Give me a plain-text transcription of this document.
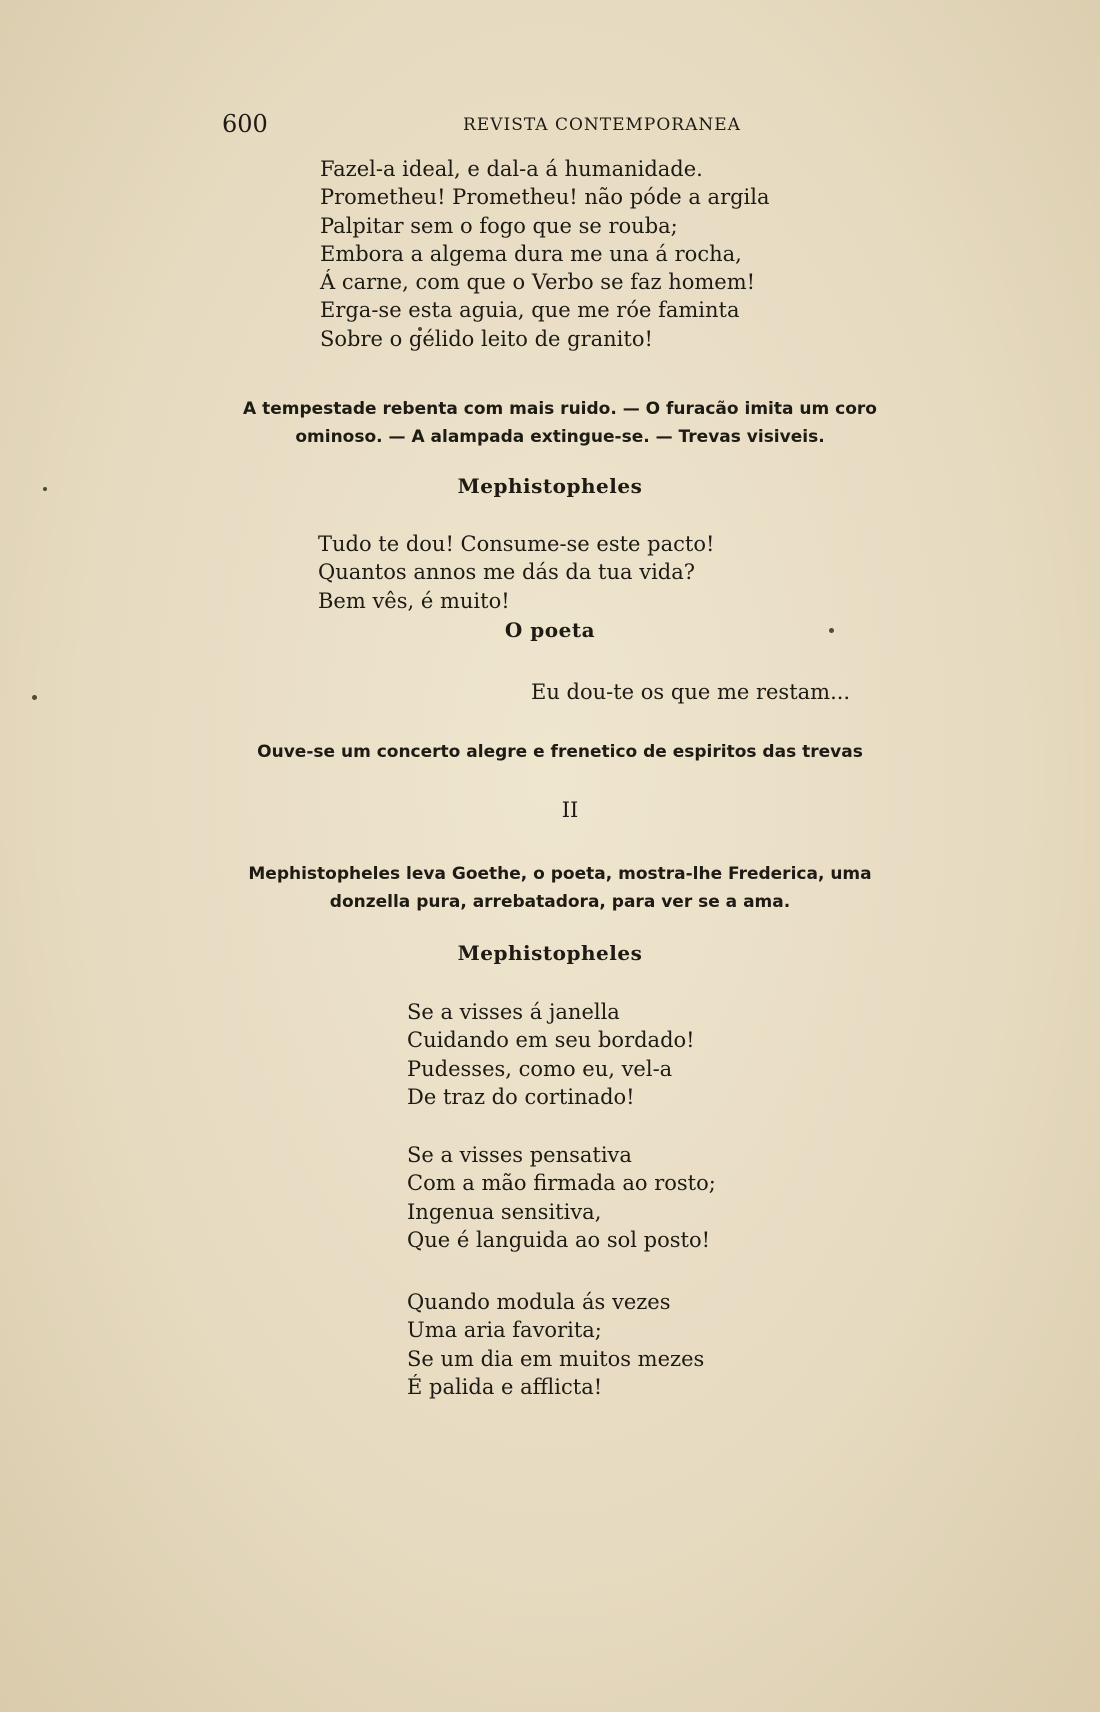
600	REVISTA CONTEMPORANEA
Fazel-a ideal, e dal-a á humanidade.
Prometheu! Prometheu! não póde a argila
Palpitar sem o fogo que se rouba;
Embora a algema dura me una á rocha,
Á carne, com que o Verbo se faz homem!
Erga-se esta aguia, que me róe faminta
Sobre o gélido leito de granito!
A tempestade rebenta com mais ruido. — O furacão imita um coro
ominoso. — A alampada extingue-se. — Trevas visiveis.
Mephistopheles
Tudo te dou! Consume-se este pacto!
Quantos annos me dás da tua vida?
Bem vês, é muito!
O poeta
Eu dou-te os que me restam...
Ouve-se um concerto alegre e frenetico de espiritos das trevas
II
Mephistopheles leva Goethe, o poeta, mostra-lhe Frederica, uma
donzella pura, arrebatadora, para ver se a ama.
Mephistopheles
Se a visses á janella
Cuidando em seu bordado!
Pudesses, como eu, vel-a
De traz do cortinado!
Se a visses pensativa
Com a mão firmada ao rosto;
Ingenua sensitiva,
Que é languida ao sol posto!
Quando modula ás vezes
Uma aria favorita;
Se um dia em muitos mezes
É palida e afflicta!
